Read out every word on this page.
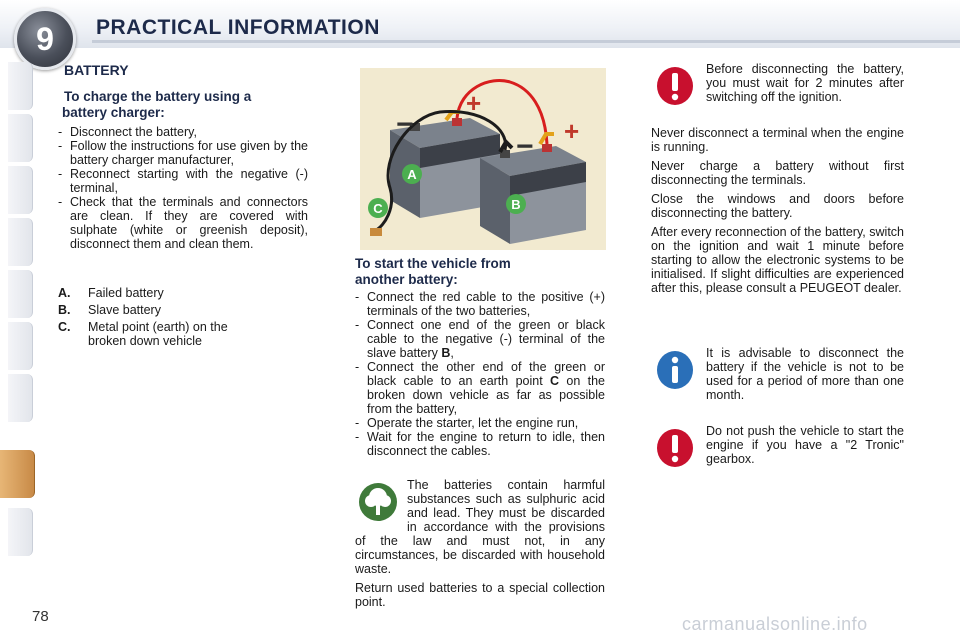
9	PRACTICAL INFORMATION
BATTERY
To charge the battery using a
battery charger:
- Disconnect the battery,
- Follow the instructions for use given by the battery charger manufacturer,
- Reconnect starting with the negative (-) terminal,
- Check that the terminals and connectors are clean. If they are covered with sulphate (white or greenish deposit), disconnect them and clean them.
A. Failed battery
B. Slave battery
C. Metal point (earth) on the broken down vehicle
+
+
−
−
A
B
C
To start the vehicle from
another battery:
- Connect the red cable to the positive (+) terminals of the two batteries,
- Connect one end of the green or black cable to the negative (-) terminal of the slave battery B,
- Connect the other end of the green or black cable to an earth point C on the broken down vehicle as far as possible from the battery,
- Operate the starter, let the engine run,
- Wait for the engine to return to idle, then disconnect the cables.
The batteries contain harmful substances such as sulphuric acid and lead. They must be discarded in accordance with the provisions of the law and must not, in any circumstances, be discarded with household waste.
Return used batteries to a special collection point.
Before disconnecting the battery, you must wait for 2 minutes after switching off the ignition.
Never disconnect a terminal when the engine is running.
Never charge a battery without first disconnecting the terminals.
Close the windows and doors before disconnecting the battery.
After every reconnection of the battery, switch on the ignition and wait 1 minute before starting to allow the electronic systems to be initialised. If slight difficulties are experienced after this, please consult a PEUGEOT dealer.
It is advisable to disconnect the battery if the vehicle is not to be used for a period of more than one month.
Do not push the vehicle to start the engine if you have a "2 Tronic" gearbox.
78	carmanualsonline.info
